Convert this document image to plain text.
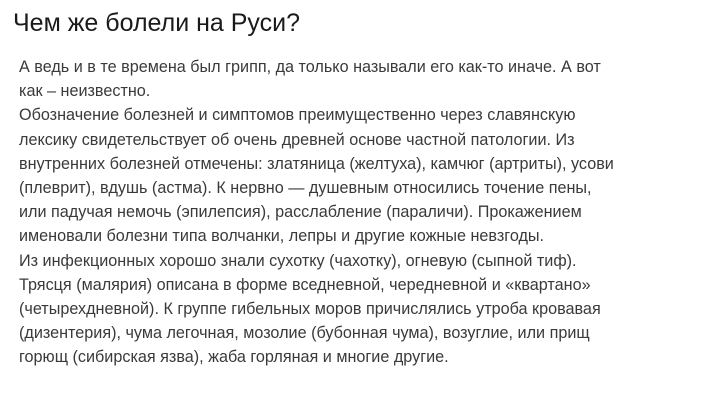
Чем же болели на Руси?
А ведь и в те времена был грипп, да только называли его как-то иначе. А вот
как – неизвестно.
Обозначение болезней и симптомов преимущественно через славянскую
лексику свидетельствует об очень древней основе частной патологии. Из
внутренних болезней отмечены: златяница (желтуха), камчюг (артриты), усови
(плеврит), вдушь (астма). К нервно — душевным относились точение пены,
или падучая немочь (эпилепсия), расслабление (параличи). Прокажением
именовали болезни типа волчанки, лепры и другие кожные невзгоды.
Из инфекционных хорошо знали сухотку (чахотку), огневую (сыпной тиф).
Трясця (малярия) описана в форме вседневной, чередневной и «квартано»
(четырехдневной). К группе гибельных моров причислялись утроба кровавая
(дизентерия), чума легочная, мозолие (бубонная чума), возуглие, или прищ
горющ (сибирская язва), жаба горляная и многие другие.
